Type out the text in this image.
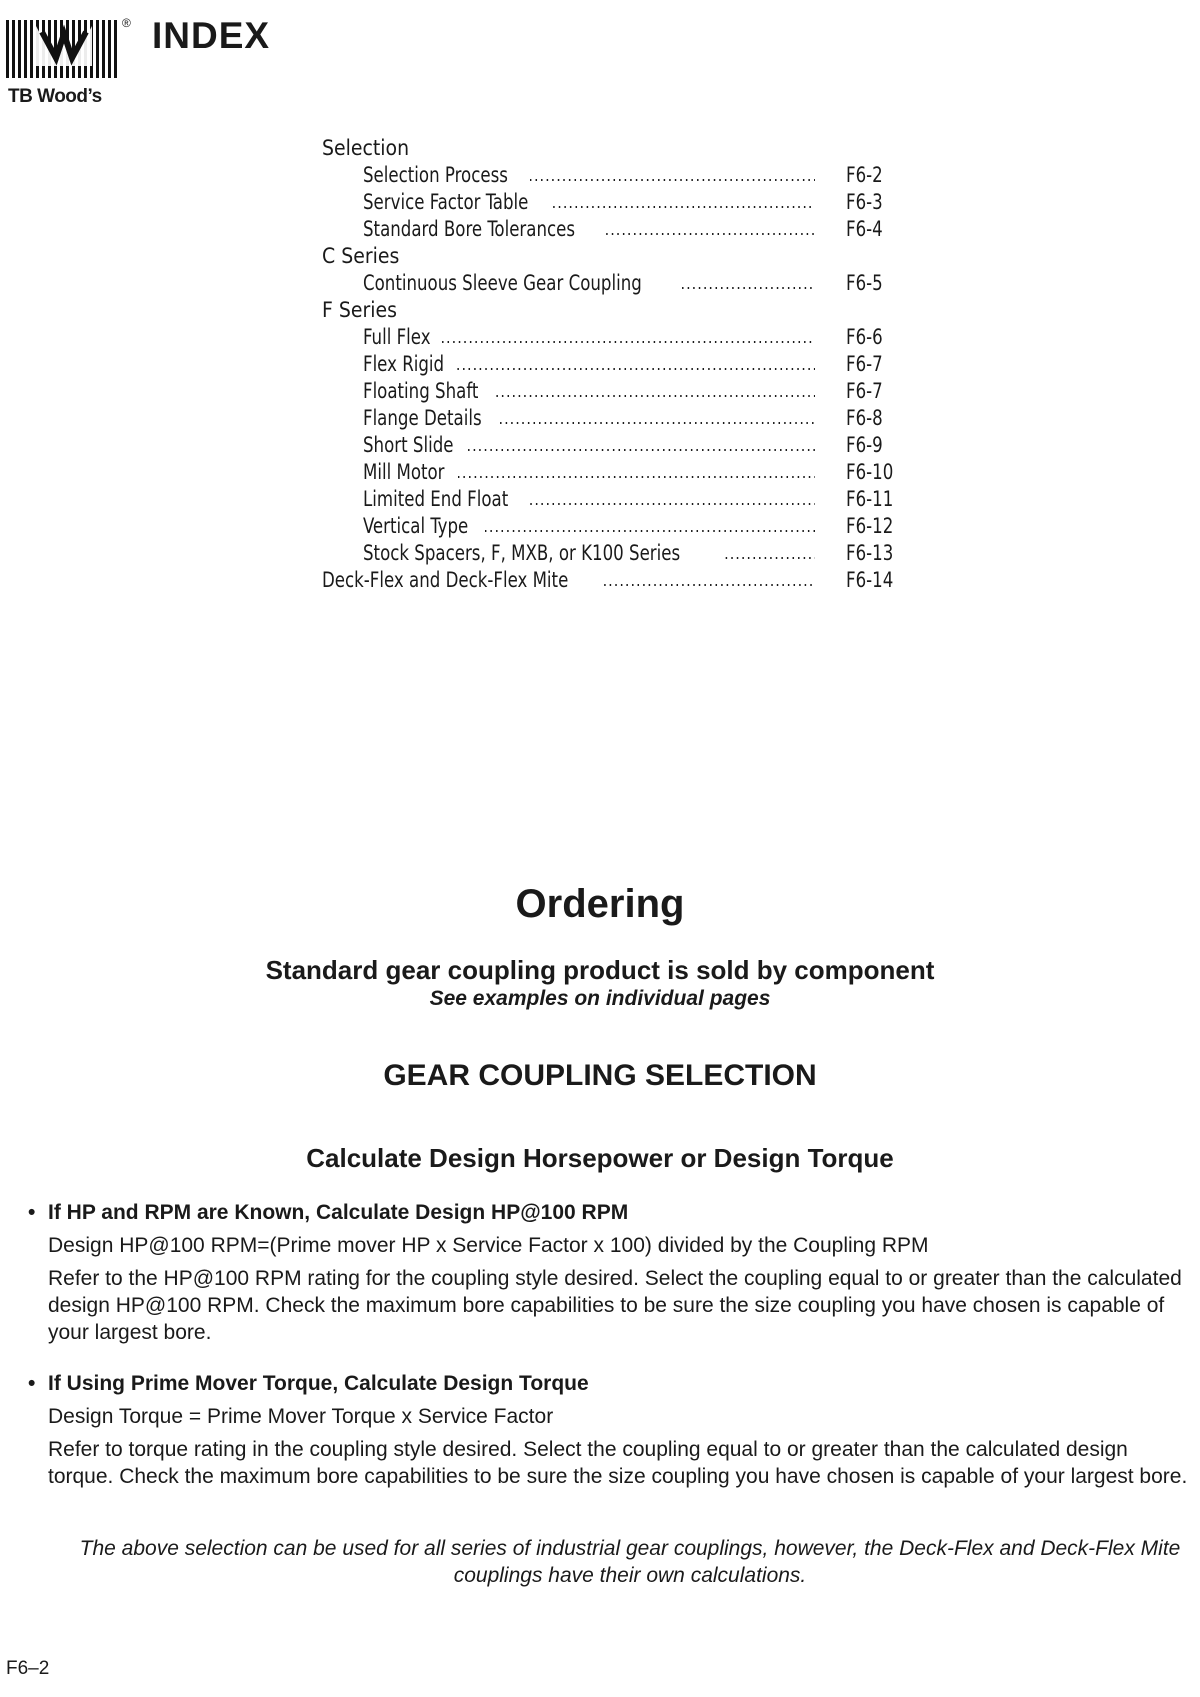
®
TB Wood’s
INDEX
Selection
Selection Process .....	F6-2
Service Factor Table .....	F6-3
Standard Bore Tolerances .....	F6-4
C Series
Continuous Sleeve Gear Coupling .....	F6-5
F Series
Full Flex .....	F6-6
Flex Rigid .....	F6-7
Floating Shaft .....	F6-7
Flange Details .....	F6-8
Short Slide .....	F6-9
Mill Motor .....	F6-10
Limited End Float .....	F6-11
Vertical Type .....	F6-12
Stock Spacers, F, MXB, or K100 Series .....	F6-13
Deck-Flex and Deck-Flex Mite .....	F6-14
Ordering
Standard gear coupling product is sold by component
See examples on individual pages
GEAR COUPLING SELECTION
Calculate Design Horsepower or Design Torque
• If HP and RPM are Known, Calculate Design HP@100 RPM
Design HP@100 RPM=(Prime mover HP x Service Factor x 100) divided by the Coupling RPM
Refer to the HP@100 RPM rating for the coupling style desired. Select the coupling equal to or greater than the calculated design HP@100 RPM. Check the maximum bore capabilities to be sure the size coupling you have chosen is capable of your largest bore.
• If Using Prime Mover Torque, Calculate Design Torque
Design Torque = Prime Mover Torque x Service Factor
Refer to torque rating in the coupling style desired. Select the coupling equal to or greater than the calculated design torque. Check the maximum bore capabilities to be sure the size coupling you have chosen is capable of your largest bore.
The above selection can be used for all series of industrial gear couplings, however, the Deck-Flex and Deck-Flex Mite couplings have their own calculations.
F6–2
